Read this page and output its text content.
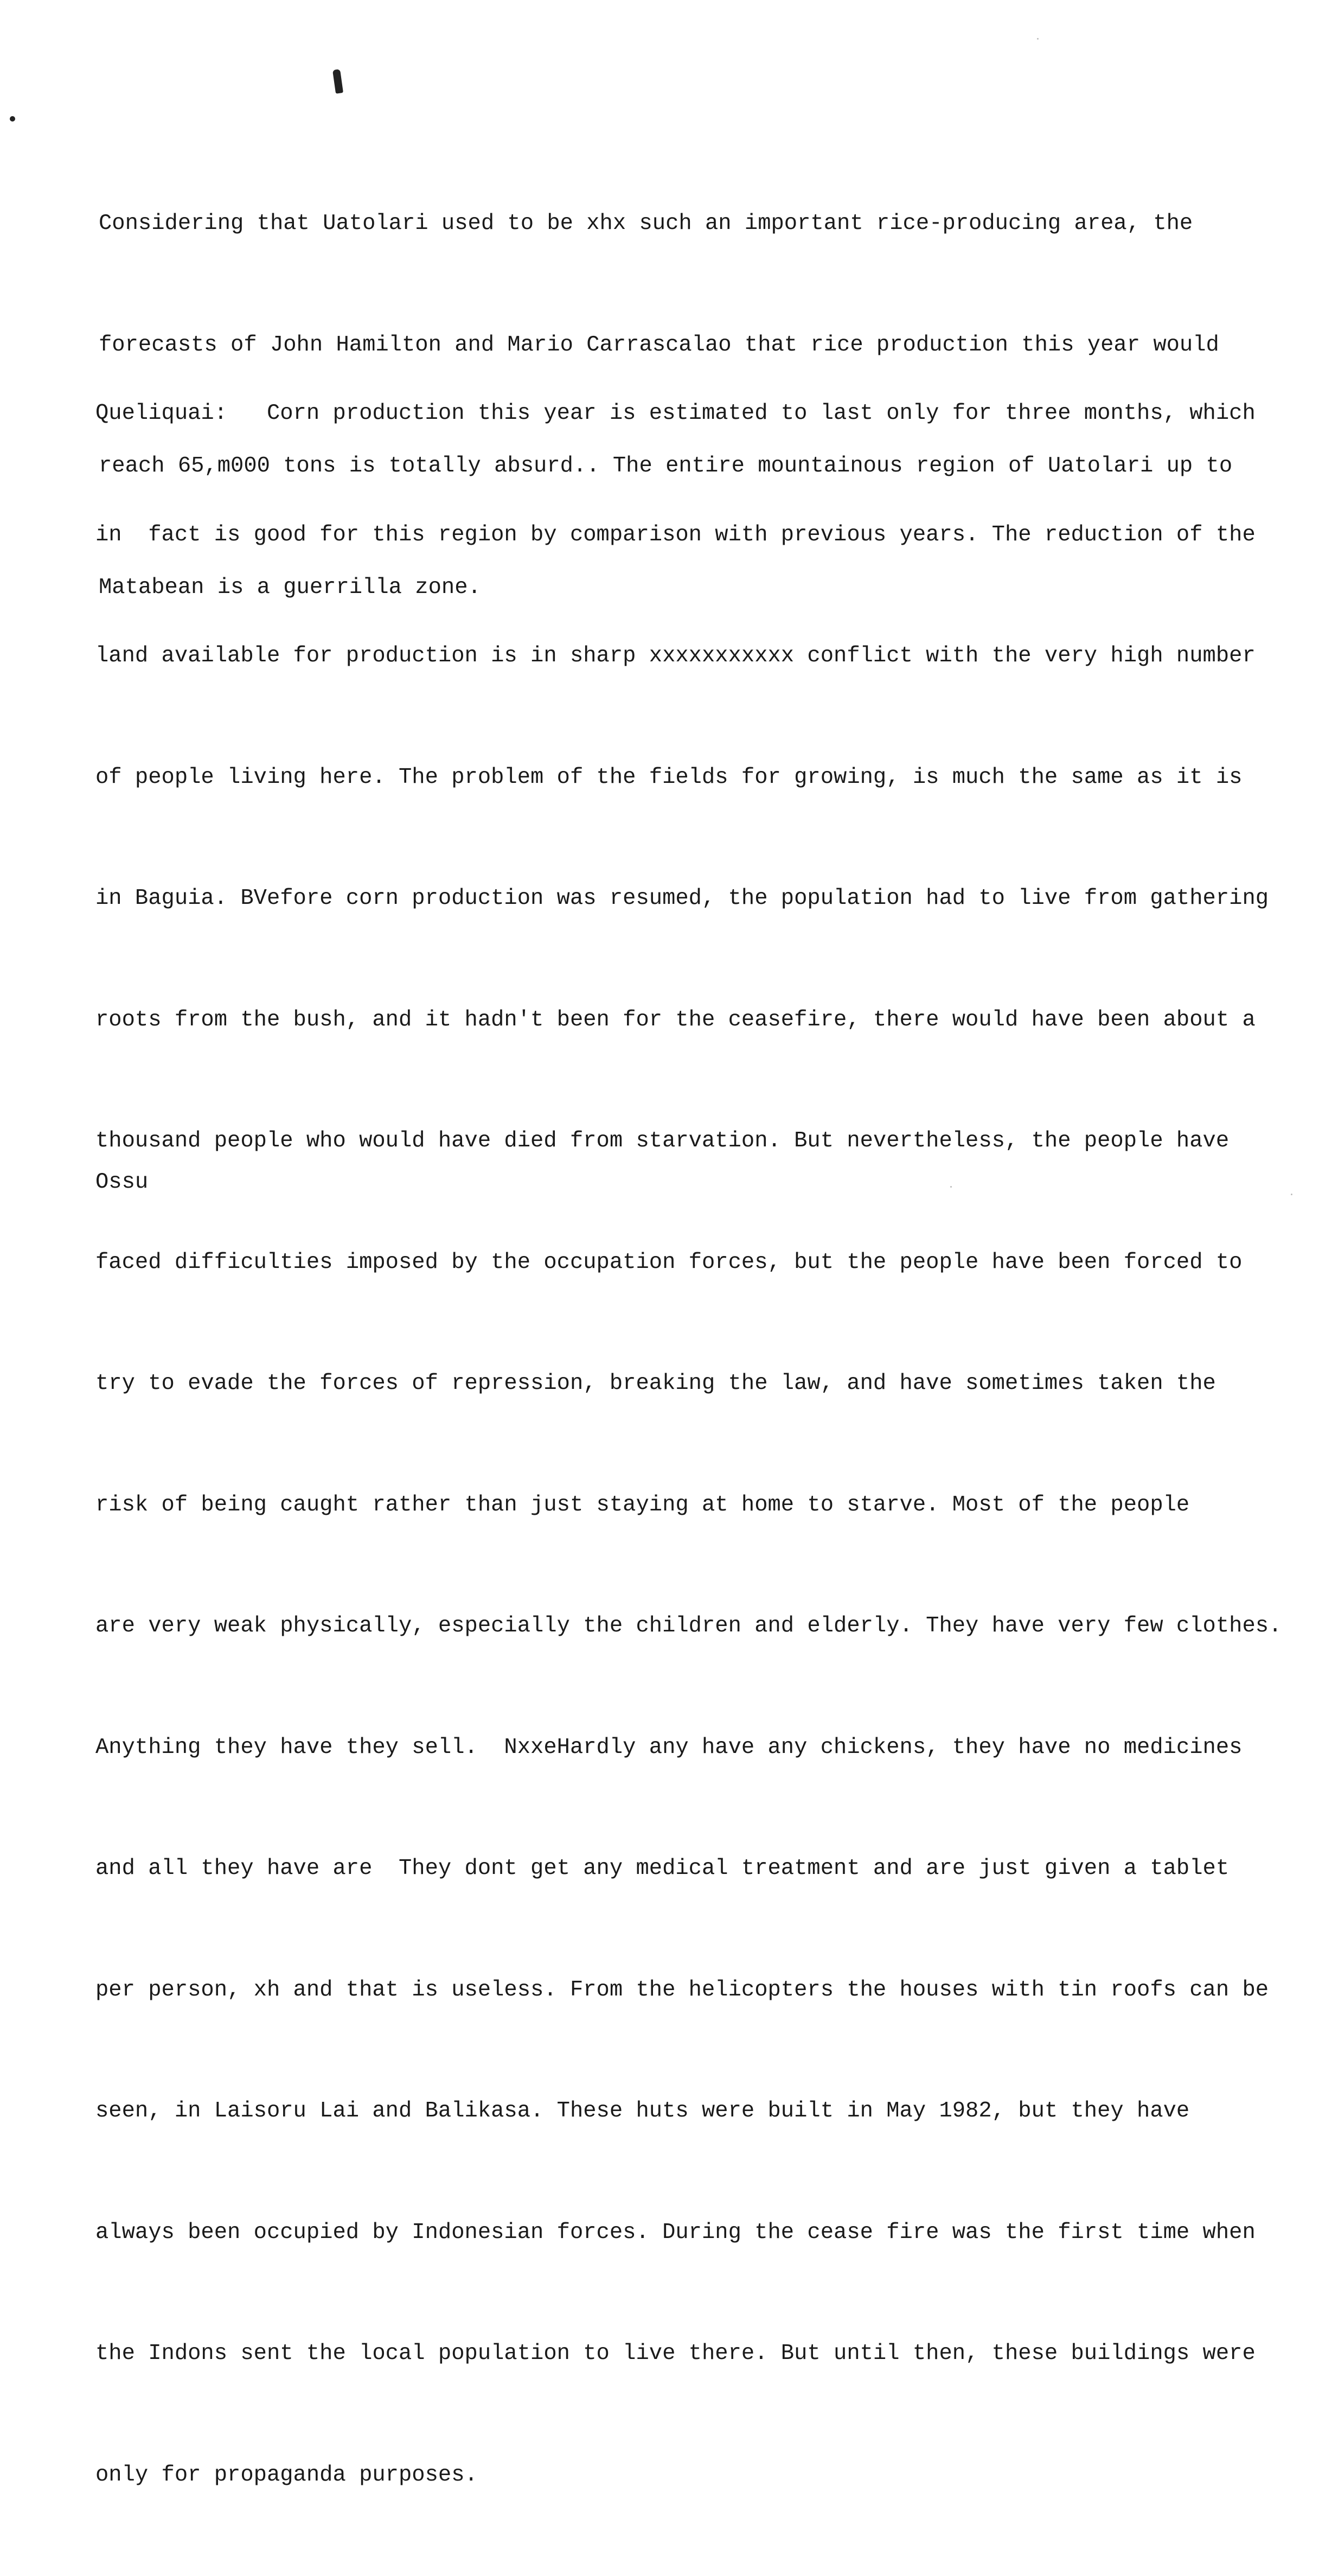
Considering that Uatolari used to be xhx such an important rice-producing area, the

forecasts of John Hamilton and Mario Carrascalao that rice production this year would

reach 65,m000 tons is totally absurd.. The entire mountainous region of Uatolari up to

Matabean is a guerrilla zone.

Queliquai:   Corn production this year is estimated to last only for three months, which

in  fact is good for this region by comparison with previous years. The reduction of the

land available for production is in sharp xxxxxxxxxxx conflict with the very high number

of people living here. The problem of the fields for growing, is much the same as it is

in Baguia. BVefore corn production was resumed, the population had to live from gathering

roots from the bush, and it hadn't been for the ceasefire, there would have been about a

thousand people who would have died from starvation. But nevertheless, the people have

faced difficulties imposed by the occupation forces, but the people have been forced to

try to evade the forces of repression, breaking the law, and have sometimes taken the

risk of being caught rather than just staying at home to starve. Most of the people

are very weak physically, especially the children and elderly. They have very few clothes.

Anything they have they sell.  NxxeHardly any have any chickens, they have no medicines

and all they have are  They dont get any medical treatment and are just given a tablet

per person, xh and that is useless. From the helicopters the houses with tin roofs can be

seen, in Laisoru Lai and Balikasa. These huts were built in May 1982, but they have

always been occupied by Indonesian forces. During the cease fire was the first time when

the Indons sent the local population to live there. But until then, these buildings were

only for propaganda purposes.

Ossu
